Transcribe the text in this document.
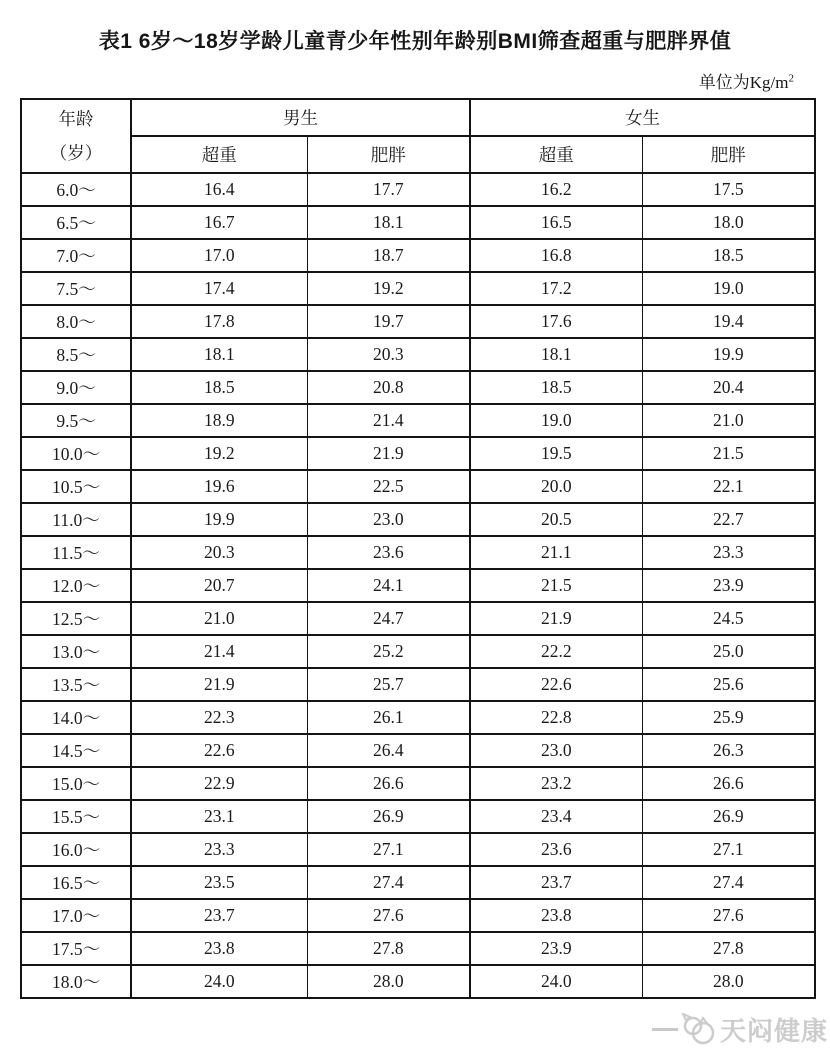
表1 6岁～18岁学龄儿童青少年性别年龄别BMI筛查超重与肥胖界值
单位为$Kg/m^2$
年龄
（岁）	男生		女生	
	超重	肥胖	超重	肥胖
6.0～	16.4	17.7	16.2	17.5
6.5～	16.7	18.1	16.5	18.0
7.0～	17.0	18.7	16.8	18.5
7.5～	17.4	19.2	17.2	19.0
8.0～	17.8	19.7	17.6	19.4
8.5～	18.1	20.3	18.1	19.9
9.0～	18.5	20.8	18.5	20.4
9.5～	18.9	21.4	19.0	21.0
10.0～	19.2	21.9	19.5	21.5
10.5～	19.6	22.5	20.0	22.1
11.0～	19.9	23.0	20.5	22.7
11.5～	20.3	23.6	21.1	23.3
12.0～	20.7	24.1	21.5	23.9
12.5～	21.0	24.7	21.9	24.5
13.0～	21.4	25.2	22.2	25.0
13.5～	21.9	25.7	22.6	25.6
14.0～	22.3	26.1	22.8	25.9
14.5～	22.6	26.4	23.0	26.3
15.0～	22.9	26.6	23.2	26.6
15.5～	23.1	26.9	23.4	26.9
16.0～	23.3	27.1	23.6	27.1
16.5～	23.5	27.4	23.7	27.4
17.0～	23.7	27.6	23.8	27.6
17.5～	23.8	27.8	23.9	27.8
18.0～	24.0	28.0	24.0	28.0
天闷健康
